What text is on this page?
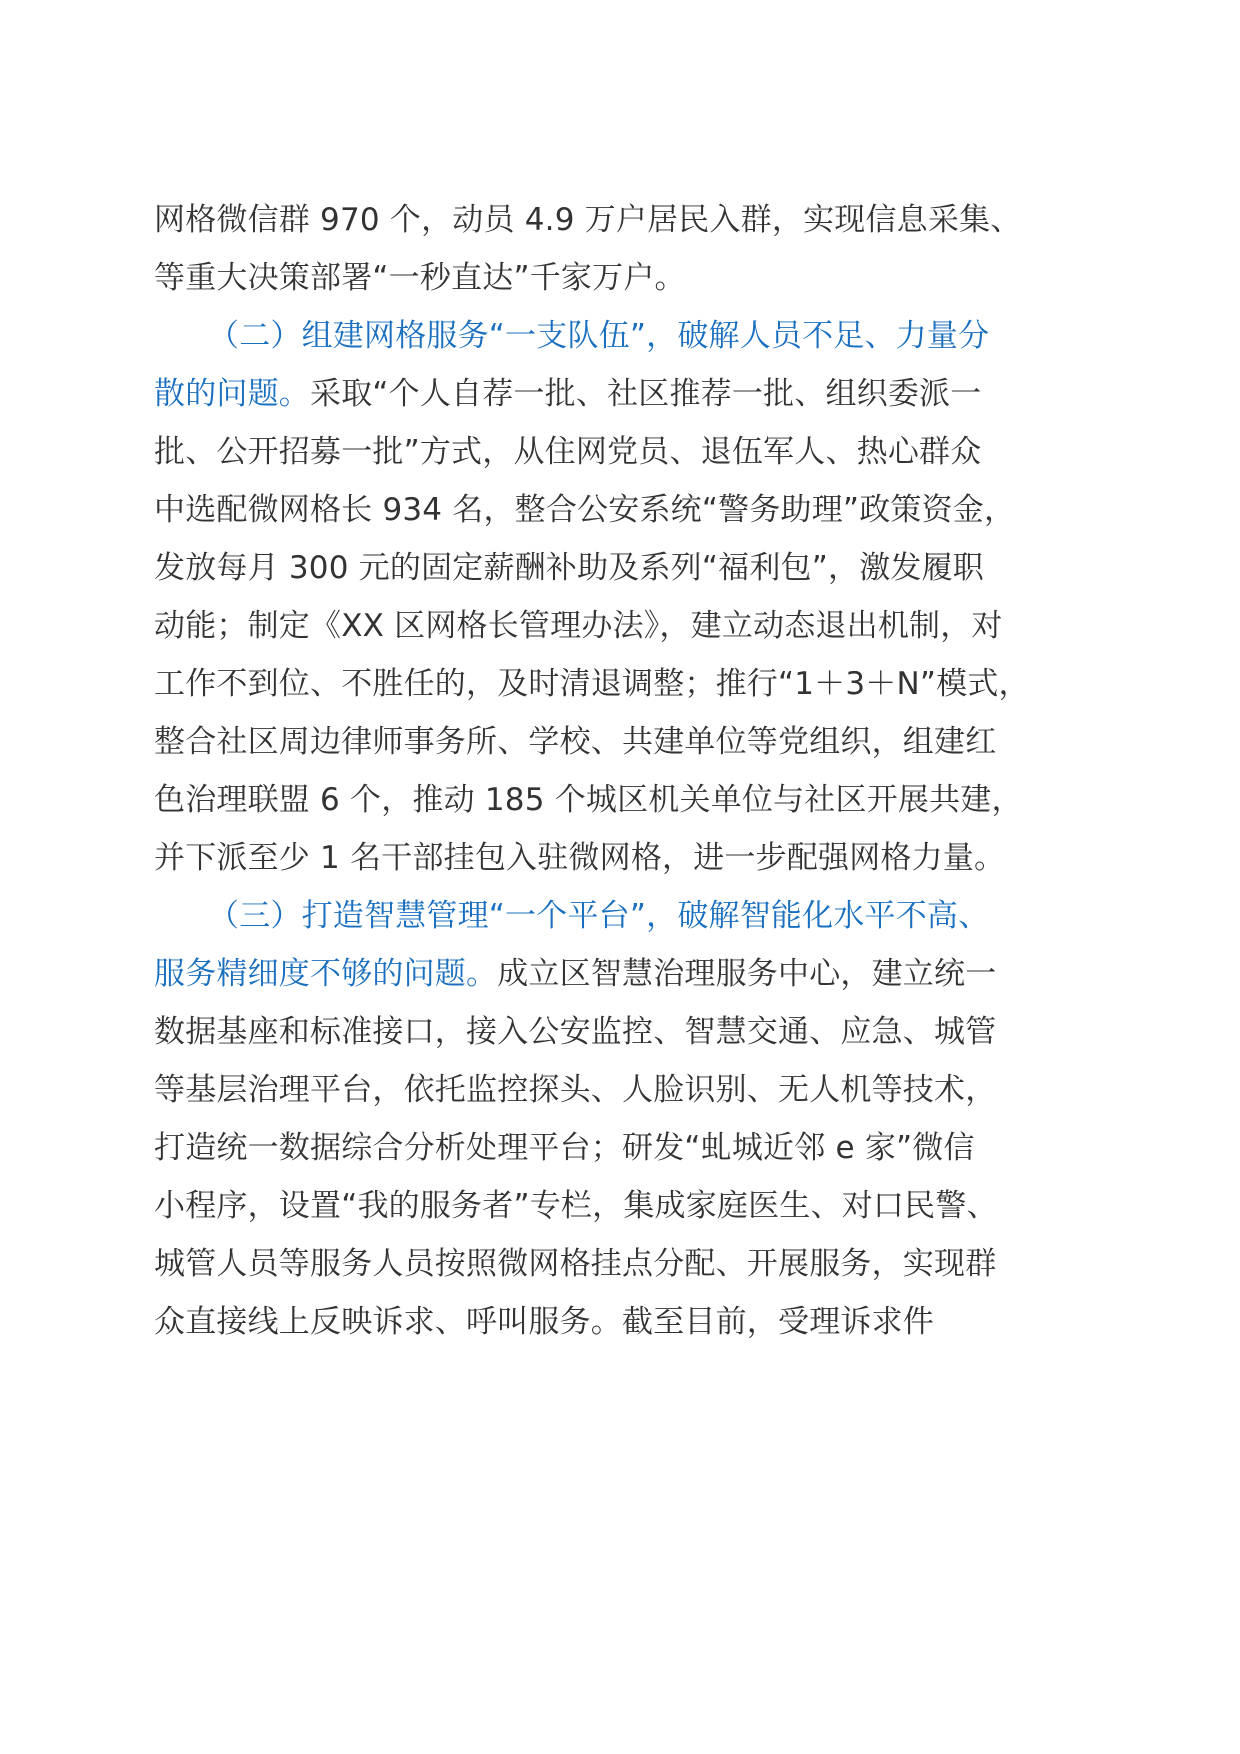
网格微信群 970 个，动员 4.9 万户居民入群，实现信息采集、
等重大决策部署“一秒直达”千家万户。
（二）组建网格服务“一支队伍”，破解人员不足、力量分
散的问题。采取“个人自荐一批、社区推荐一批、组织委派一
批、公开招募一批”方式，从住网党员、退伍军人、热心群众
中选配微网格长 934 名，整合公安系统“警务助理”政策资金，
发放每月 300 元的固定薪酬补助及系列“福利包”，激发履职
动能；制定《XX 区网格长管理办法》，建立动态退出机制，对
工作不到位、不胜任的，及时清退调整；推行“1＋3＋N”模式，
整合社区周边律师事务所、学校、共建单位等党组织，组建红
色治理联盟 6 个，推动 185 个城区机关单位与社区开展共建，
并下派至少 1 名干部挂包入驻微网格，进一步配强网格力量。
（三）打造智慧管理“一个平台”，破解智能化水平不高、
服务精细度不够的问题。成立区智慧治理服务中心，建立统一
数据基座和标准接口，接入公安监控、智慧交通、应急、城管
等基层治理平台，依托监控探头、人脸识别、无人机等技术，
打造统一数据综合分析处理平台；研发“虬城近邻 e 家”微信
小程序，设置“我的服务者”专栏，集成家庭医生、对口民警、
城管人员等服务人员按照微网格挂点分配、开展服务，实现群
众直接线上反映诉求、呼叫服务。截至目前，受理诉求件
